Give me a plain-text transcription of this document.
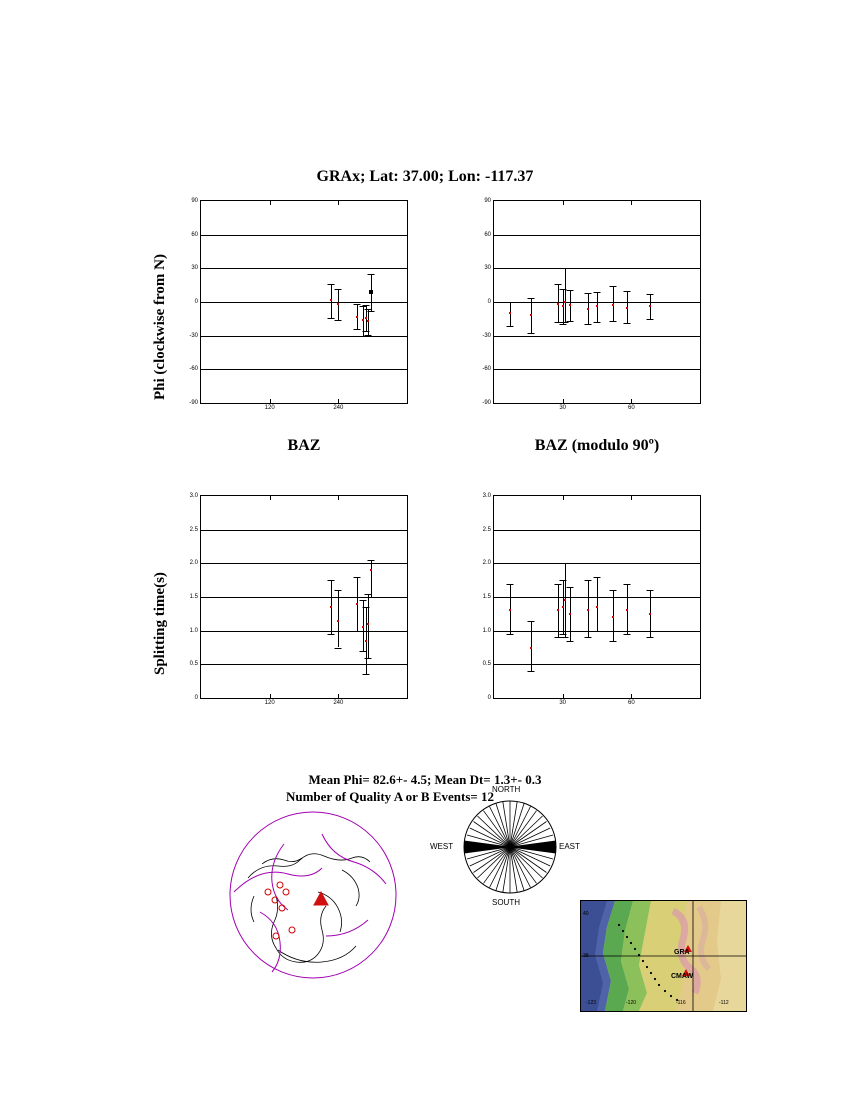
GRAx; Lat: 37.00; Lon: -117.37
Phi (clockwise from N)
Splitting time(s)
-90
-60
-30
0
30
60
90
120	240
-90
-60
-30
0
30
60
90
30	60
BAZ	BAZ (modulo 90º)
0
0.5
1.0
1.5
2.0
2.5
3.0
120	240
0
0.5
1.0
1.5
2.0
2.5
3.0
30	60
Mean Phi= 82.6+- 4.5; Mean Dt= 1.3+- 0.3
Number of Quality A or B Events= 12
NORTH
SOUTH
EAST
WEST
GRA
CMAW
40
38
-123	-120	-116	-112
